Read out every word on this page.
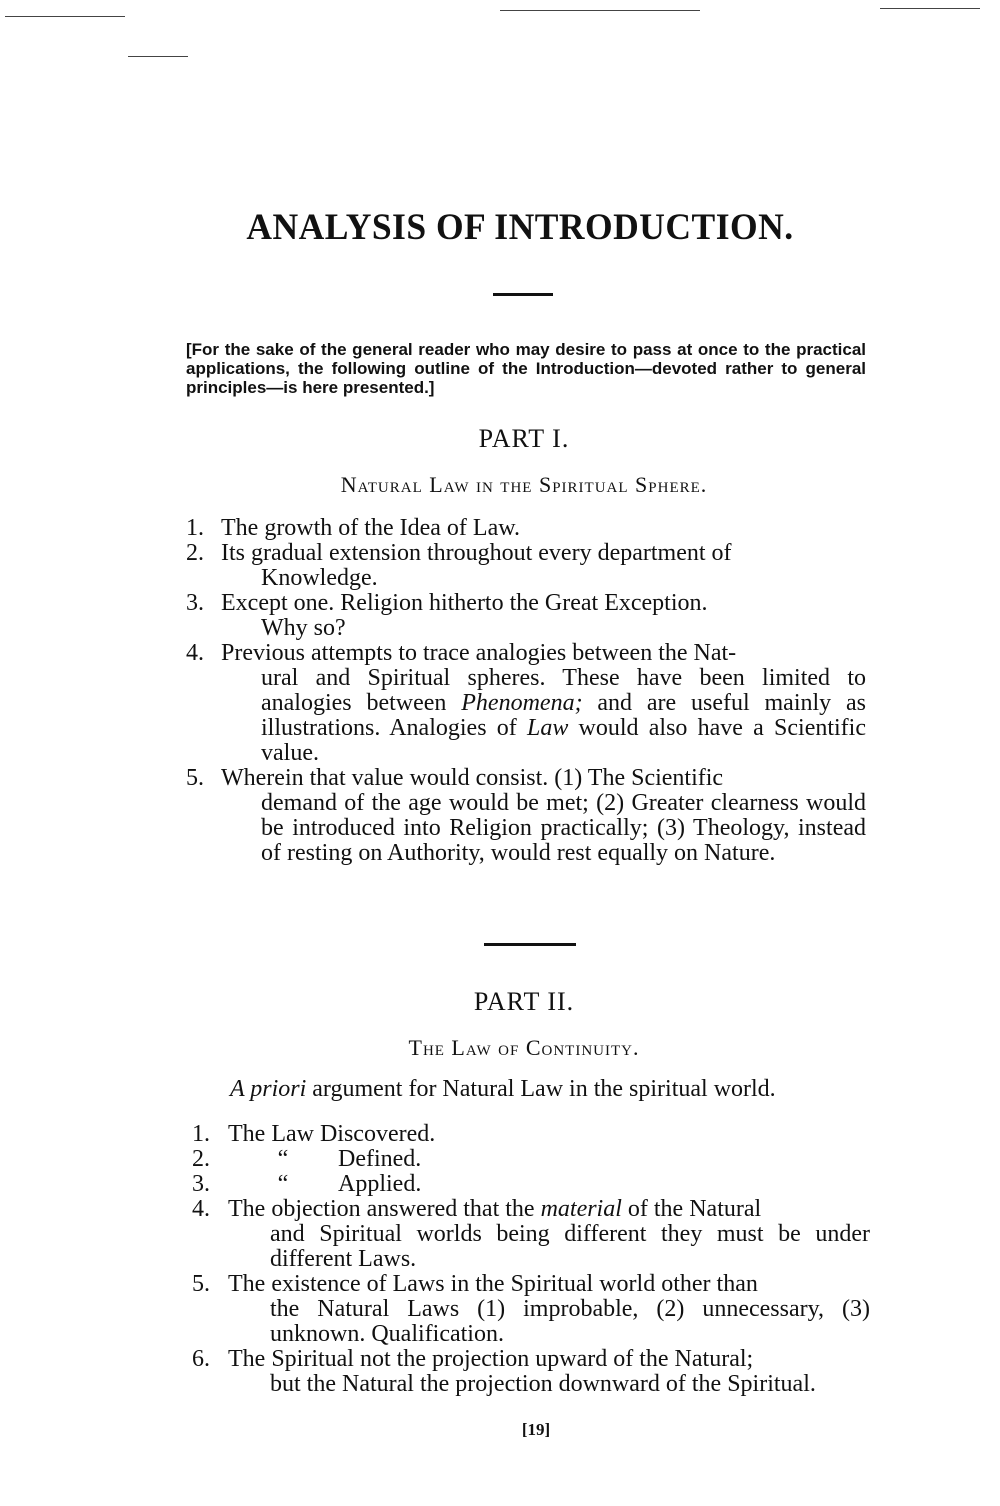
ANALYSIS OF INTRODUCTION.

[For the sake of the general reader who may desire to pass at once to the practical applications, the following outline of the Introduction—devoted rather to general principles—is here presented.]

PART I.
Natural Law in the Spiritual Sphere.
1. The growth of the Idea of Law.
2. Its gradual extension throughout every department of
Knowledge.
3. Except one. Religion hitherto the Great Exception.
Why so?
4. Previous attempts to trace analogies between the Nat-
ural and Spiritual spheres. These have been limited to analogies between Phenomena; and are useful mainly as illustrations. Analogies of Law would also have a Scientific value.
5. Wherein that value would consist. (1) The Scientific
demand of the age would be met; (2) Greater clearness would be introduced into Religion practically; (3) Theology, instead of resting on Authority, would rest equally on Nature.
PART II.
The Law of Continuity.

A priori argument for Natural Law in the spiritual world.

1. The Law Discovered.
2.	“ Defined.
3.	“ Applied.
4. The objection answered that the material of the Natural
and Spiritual worlds being different they must be under different Laws.
5. The existence of Laws in the Spiritual world other than
the Natural Laws (1) improbable, (2) unnecessary, (3) unknown. Qualification.
6. The Spiritual not the projection upward of the Natural;
but the Natural the projection downward of the Spiritual.
[19]
